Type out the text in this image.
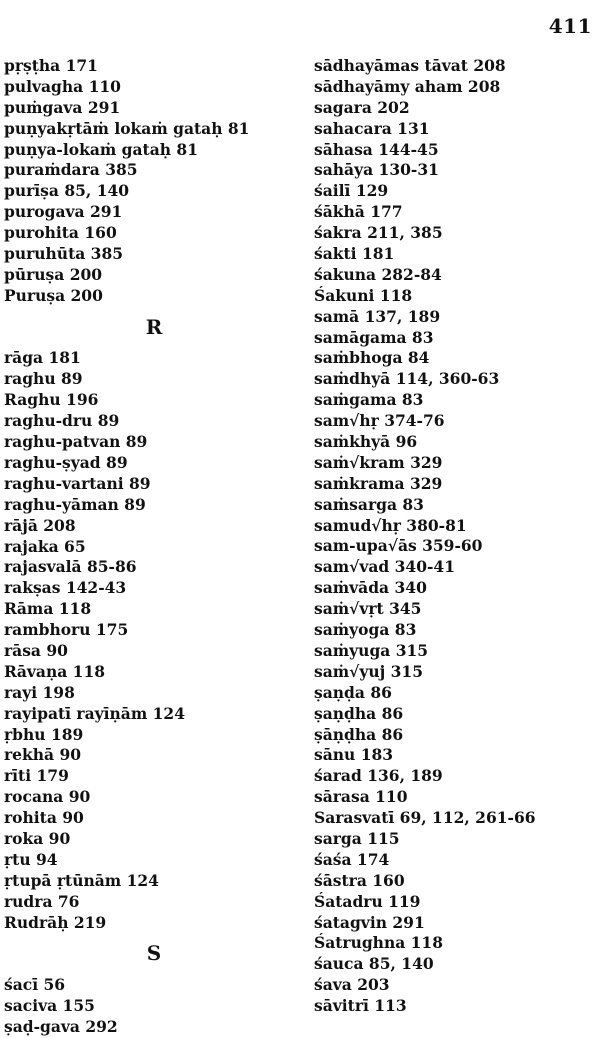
411
pṛṣṭha 171
pulvagha 110
puṁgava 291
puṇyakṛtāṁ lokaṁ gataḥ 81
puṇya-lokaṁ gataḥ 81
puraṁdara 385
purīṣa 85, 140
purogava 291
purohita 160
puruhūta 385
pūruṣa 200
Puruṣa 200
R
rāga 181
raghu 89
Raghu 196
raghu-dru 89
raghu-patvan 89
raghu-ṣyad 89
raghu-vartani 89
raghu-yāman 89
rājā 208
rajaka 65
rajasvalā 85-86
rakṣas 142-43
Rāma 118
rambhoru 175
rāsa 90
Rāvaṇa 118
rayi 198
rayipatī rayīṇām 124
ṛbhu 189
rekhā 90
rīti 179
rocana 90
rohita 90
roka 90
ṛtu 94
ṛtupā ṛtūnām 124
rudra 76
Rudrāḥ 219
S
śacī 56
saciva 155
ṣaḍ-gava 292
sādhayāmas tāvat 208
sādhayāmy aham 208
sagara 202
sahacara 131
sāhasa 144-45
sahāya 130-31
śailī 129
śākhā 177
śakra 211, 385
śakti 181
śakuna 282-84
Śakuni 118
samā 137, 189
samāgama 83
saṁbhoga 84
saṁdhyā 114, 360-63
saṁgama 83
sam√hṛ 374-76
saṁkhyā 96
saṁ√kram 329
saṁkrama 329
saṁsarga 83
samud√hṛ 380-81
sam-upa√ās 359-60
sam√vad 340-41
saṁvāda 340
saṁ√vṛt 345
saṁyoga 83
saṁyuga 315
saṁ√yuj 315
ṣaṇḍa 86
ṣaṇḍha 86
ṣāṇḍha 86
sānu 183
śarad 136, 189
sārasa 110
Sarasvatī 69, 112, 261-66
sarga 115
śaśa 174
śāstra 160
Śatadru 119
śatagvin 291
Śatrughna 118
śauca 85, 140
śava 203
sāvitrī 113
